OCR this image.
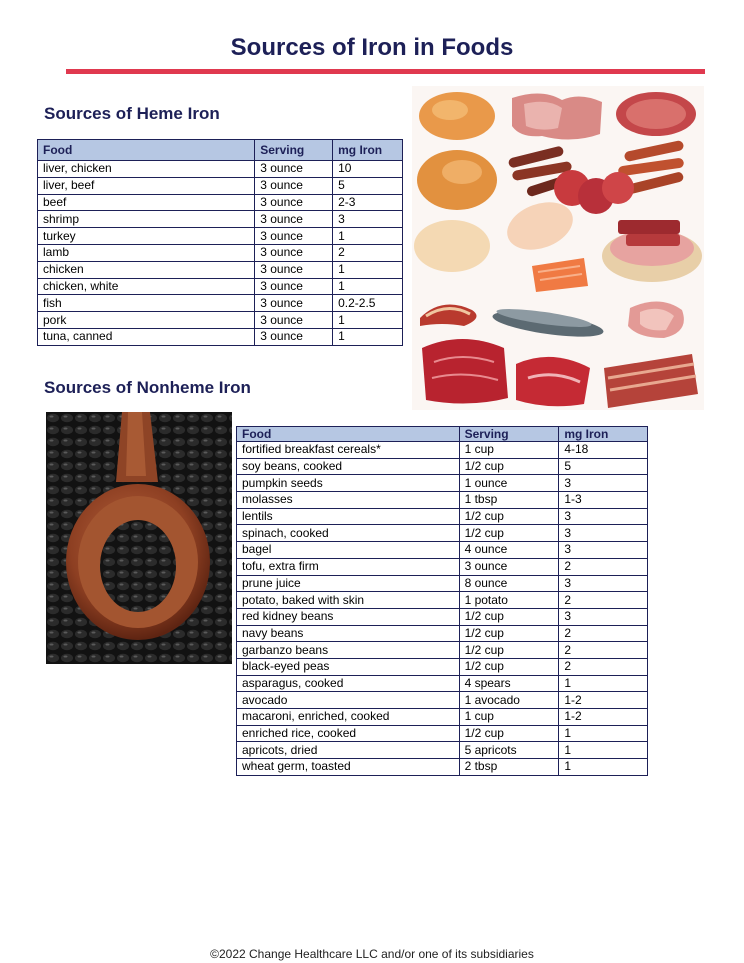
Sources of Iron in Foods
Sources of Heme Iron
Food	Serving	mg Iron
liver, chicken	3 ounce	10
liver, beef	3 ounce	5
beef	3 ounce	2-3
shrimp	3 ounce	3
turkey	3 ounce	1
lamb	3 ounce	2
chicken	3 ounce	1
chicken, white	3 ounce	1
fish	3 ounce	0.2-2.5
pork	3 ounce	1
tuna, canned	3 ounce	1
Sources of Nonheme Iron
Food	Serving	mg Iron
fortified breakfast cereals*	1 cup	4-18
soy beans, cooked	1/2 cup	5
pumpkin seeds	1 ounce	3
molasses	1 tbsp	1-3
lentils	1/2 cup	3
spinach, cooked	1/2 cup	3
bagel	4 ounce	3
tofu, extra firm	3 ounce	2
prune juice	8 ounce	3
potato, baked with skin	1 potato	2
red kidney beans	1/2 cup	3
navy beans	1/2 cup	2
garbanzo beans	1/2 cup	2
black-eyed peas	1/2 cup	2
asparagus, cooked	4 spears	1
avocado	1 avocado	1-2
macaroni, enriched, cooked	1 cup	1-2
enriched rice, cooked	1/2 cup	1
apricots, dried	5 apricots	1
wheat germ, toasted	2 tbsp	1
©2022 Change Healthcare LLC and/or one of its subsidiaries
